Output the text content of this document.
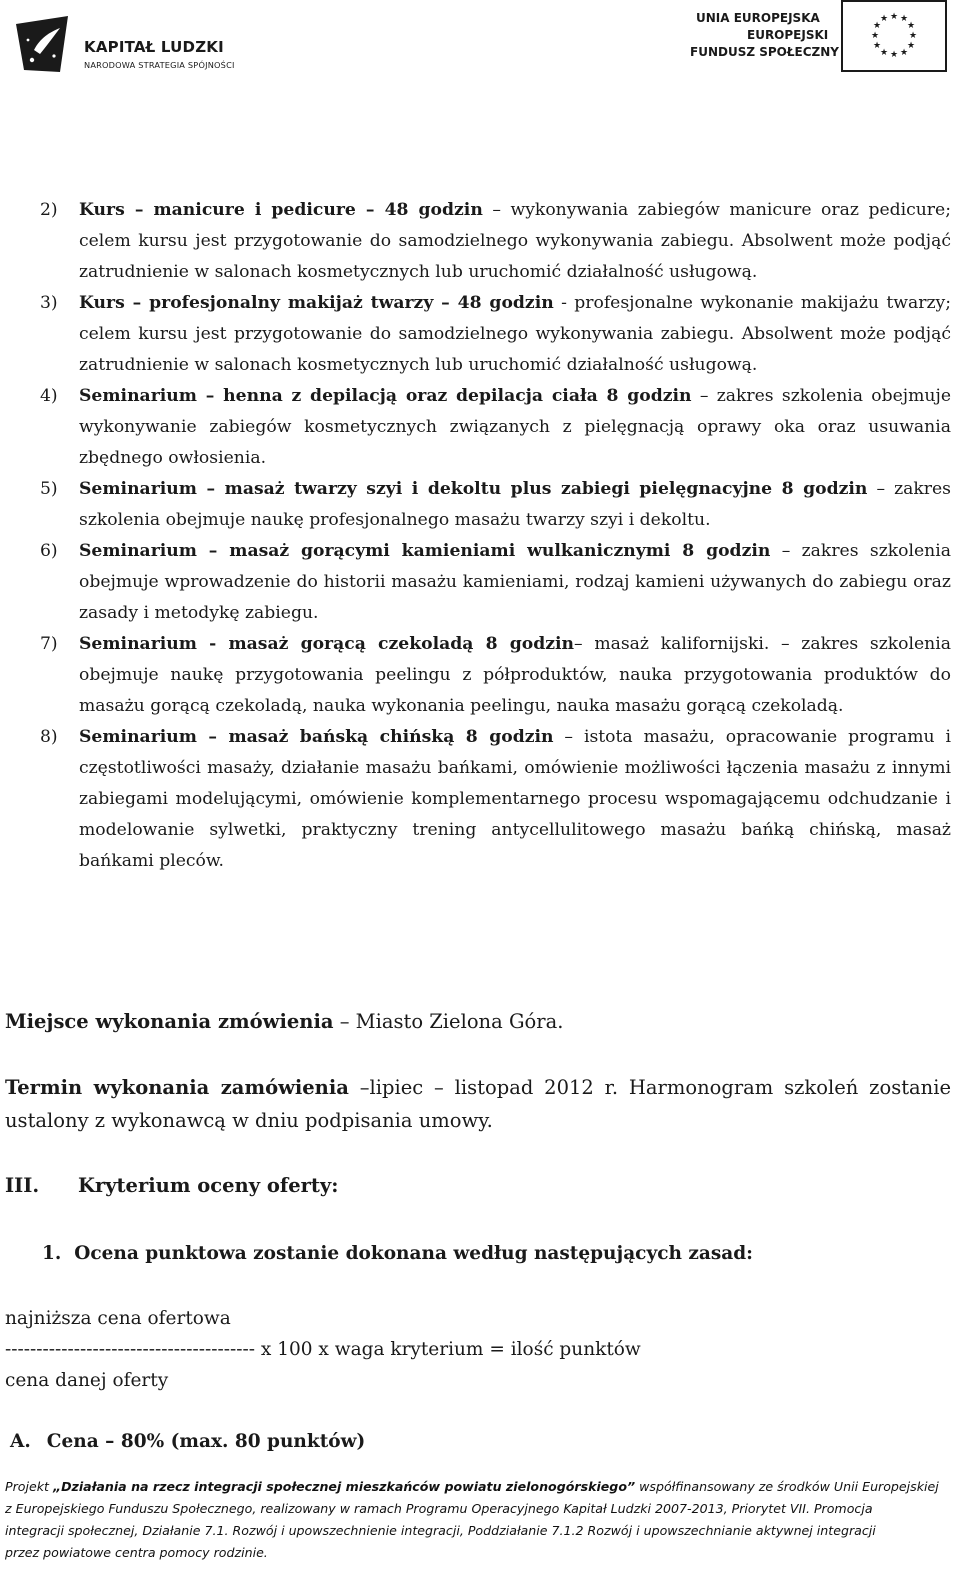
KAPITAŁ LUDZKI
NARODOWA STRATEGIA SPÓJNOŚCI
UNIA EUROPEJSKA
EUROPEJSKI
FUNDUSZ SPOŁECZNY
★ ★
★
★
★
★
★
★
★
★
★
★
2) Kurs – manicure i pedicure – 48 godzin – wykonywania zabiegów manicure oraz pedicure; celem kursu jest przygotowanie do samodzielnego wykonywania zabiegu. Absolwent może podjąć zatrudnienie w salonach kosmetycznych lub uruchomić działalność usługową.
3) Kurs – profesjonalny makijaż twarzy – 48 godzin - profesjonalne wykonanie makijażu twarzy; celem kursu jest przygotowanie do samodzielnego wykonywania zabiegu. Absolwent może podjąć zatrudnienie w salonach kosmetycznych lub uruchomić działalność usługową.
4) Seminarium – henna z depilacją oraz depilacja ciała 8 godzin – zakres szkolenia obejmuje wykonywanie zabiegów kosmetycznych związanych z pielęgnacją oprawy oka oraz usuwania zbędnego owłosienia.
5) Seminarium – masaż twarzy szyi i dekoltu plus zabiegi pielęgnacyjne 8 godzin – zakres szkolenia obejmuje naukę profesjonalnego masażu twarzy szyi i dekoltu.
6) Seminarium – masaż gorącymi kamieniami wulkanicznymi 8 godzin – zakres szkolenia obejmuje wprowadzenie do historii masażu kamieniami, rodzaj kamieni używanych do zabiegu oraz zasady i metodykę zabiegu.
7) Seminarium - masaż gorącą czekoladą 8 godzin– masaż kalifornijski. – zakres szkolenia obejmuje naukę przygotowania peelingu z półproduktów, nauka przygotowania produktów do masażu gorącą czekoladą, nauka wykonania peelingu, nauka masażu gorącą czekoladą.
8) Seminarium – masaż bańską chińską 8 godzin – istota masażu, opracowanie programu i częstotliwości masaży, działanie masażu bańkami, omówienie możliwości łączenia masażu z innymi zabiegami modelującymi, omówienie komplementarnego procesu wspomagającemu odchudzanie i modelowanie sylwetki, praktyczny trening antycellulitowego masażu bańką chińską, masaż bańkami pleców.
Miejsce wykonania zmówienia – Miasto Zielona Góra.
Termin wykonania zamówienia –lipiec – listopad 2012 r. Harmonogram szkoleń zostanie ustalony z wykonawcą w dniu podpisania umowy.
III. Kryterium oceny oferty:
1. Ocena punktowa zostanie dokonana według następujących zasad:
najniższa cena ofertowa
---------------------------------------- x 100 x waga kryterium = ilość punktów
cena danej oferty
A. Cena – 80% (max. 80 punktów)
Projekt „Działania na rzecz integracji społecznej mieszkańców powiatu zielonogórskiego” współfinansowany ze środków Unii Europejskiej
z Europejskiego Funduszu Społecznego, realizowany w ramach Programu Operacyjnego Kapitał Ludzki 2007-2013, Priorytet VII. Promocja
integracji społecznej, Działanie 7.1. Rozwój i upowszechnienie integracji, Poddziałanie 7.1.2 Rozwój i upowszechnianie aktywnej integracji
przez powiatowe centra pomocy rodzinie.
